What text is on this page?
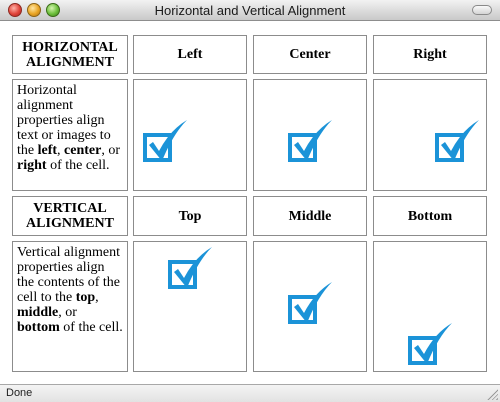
Horizontal and Vertical Alignment
HORIZONTAL ALIGNMENT	Left	Center	Right
Horizontal alignment properties align text or images to the left, center, or right of the cell.
VERTICAL ALIGNMENT	Top	Middle	Bottom
Vertical alignment properties align the contents of the cell to the top, middle, or bottom of the cell.
Done
